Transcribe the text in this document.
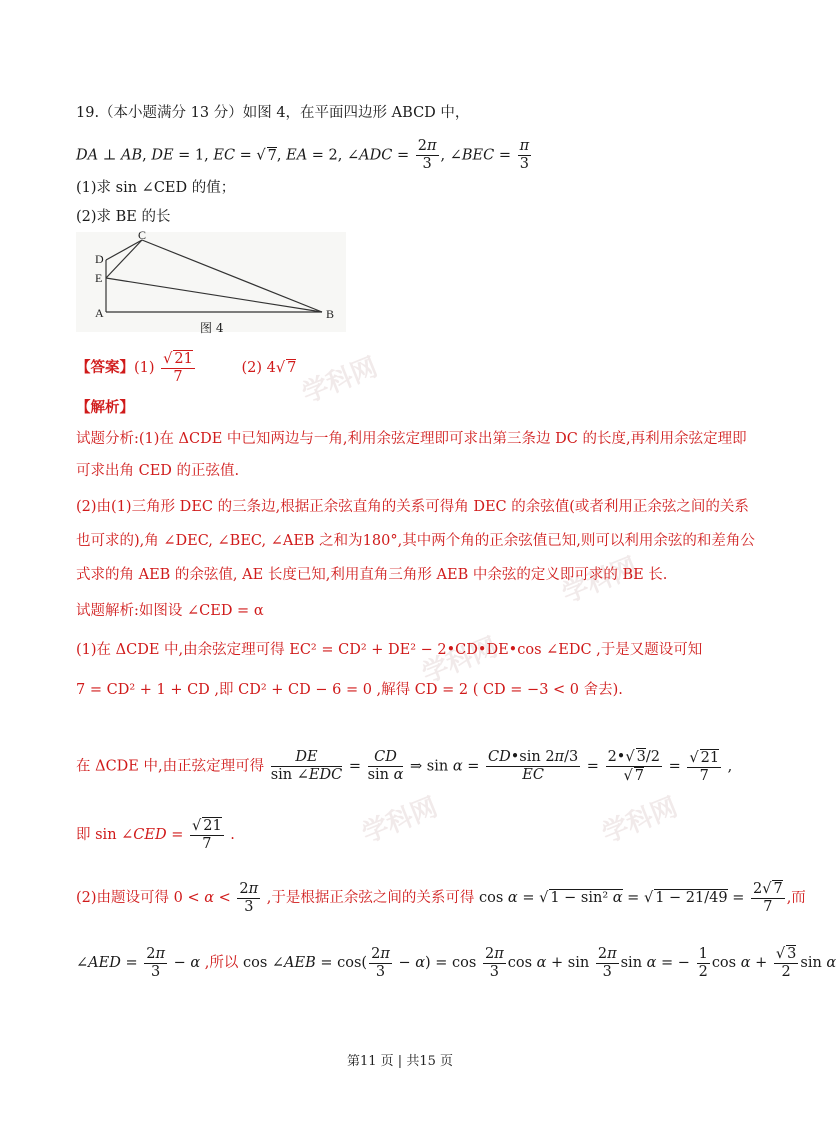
学科网
学科网
学科网
学科网	学科网
19.（本小题满分 13 分）如图 4，在平面四边形 ABCD 中，
DA ⊥ AB, DE = 1, EC = √ 7, EA = 2, ∠ADC = $\frac{2\pi}{3}$ , ∠BEC = $\frac{\pi}{3}$
(1)求 sin ∠CED 的值；
(2)求 BE 的长
C
D
E
A	B
图 4
【答案】$(1) \frac{√ 21}{7}$	(2) 4√ 7
【解析】
试题分析:(1)在 ΔCDE 中已知两边与一角,利用余弦定理即可求出第三条边 DC 的长度,再利用余弦定理即
可求出角 CED 的正弦值.
(2)由(1)三角形 DEC 的三条边,根据正余弦直角的关系可得角 DEC 的余弦值(或者利用正余弦之间的关系
也可求的),角 ∠DEC, ∠BEC, ∠AEB 之和为180°,其中两个角的正余弦值已知,则可以利用余弦的和差角公
式求的角 AEB 的余弦值, AE 长度已知,利用直角三角形 AEB 中余弦的定义即可求的 BE 长.
试题解析:如图设 ∠CED = α
(1)在 ΔCDE 中,由余弦定理可得 EC² = CD² + DE² − 2•CD•DE•cos ∠EDC ,于是又题设可知
7 = CD² + 1 + CD ,即 CD² + CD − 6 = 0 ,解得 CD = 2 ( CD = −3 < 0 舍去).
在 ΔCDE 中,由正弦定理可得 $\frac{DE}{\text{sin ∠EDC}} = \frac{CD}{\text{sin α}}$ ⇒ $\sin \alpha = \frac{CD•\sin 2\pi/3}{EC} = \frac{2•√ 3/2}{√ 7} = \frac{√ 21}{7}$ ,
即 sin ∠CED = $\frac{√ 21}{7}$ .
(2)由题设可得 $0 < \alpha < \frac{2\pi}{3}$ ,于是根据正余弦之间的关系可得 cos α = √ 1 − sin² α = √ $1 - 21/49 = \frac{2√ 7}{7}$ ,而
∠AED = $\frac{2\pi}{3} - \alpha$ ,所以 cos ∠AEB = $\cos( \frac{2\pi}{3} - \alpha) = \cos \frac{2\pi}{3}$ $\cos \alpha + \sin \frac{2\pi}{3}$ sin α = − $\frac{1}{2}$ $\cos \alpha + \frac{√ 3}{2}$ sin α
第11 页 | 共15 页
